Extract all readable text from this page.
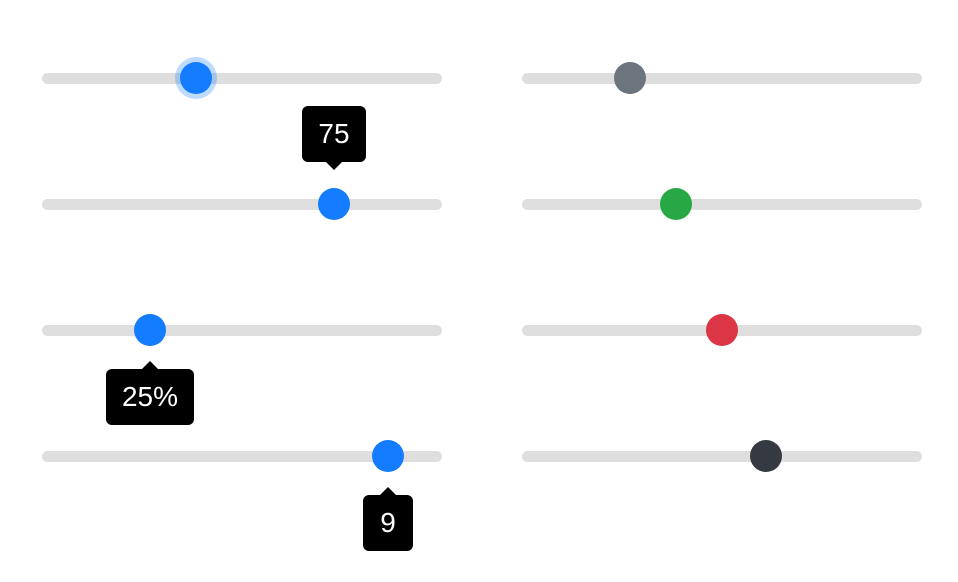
75
25%
9
